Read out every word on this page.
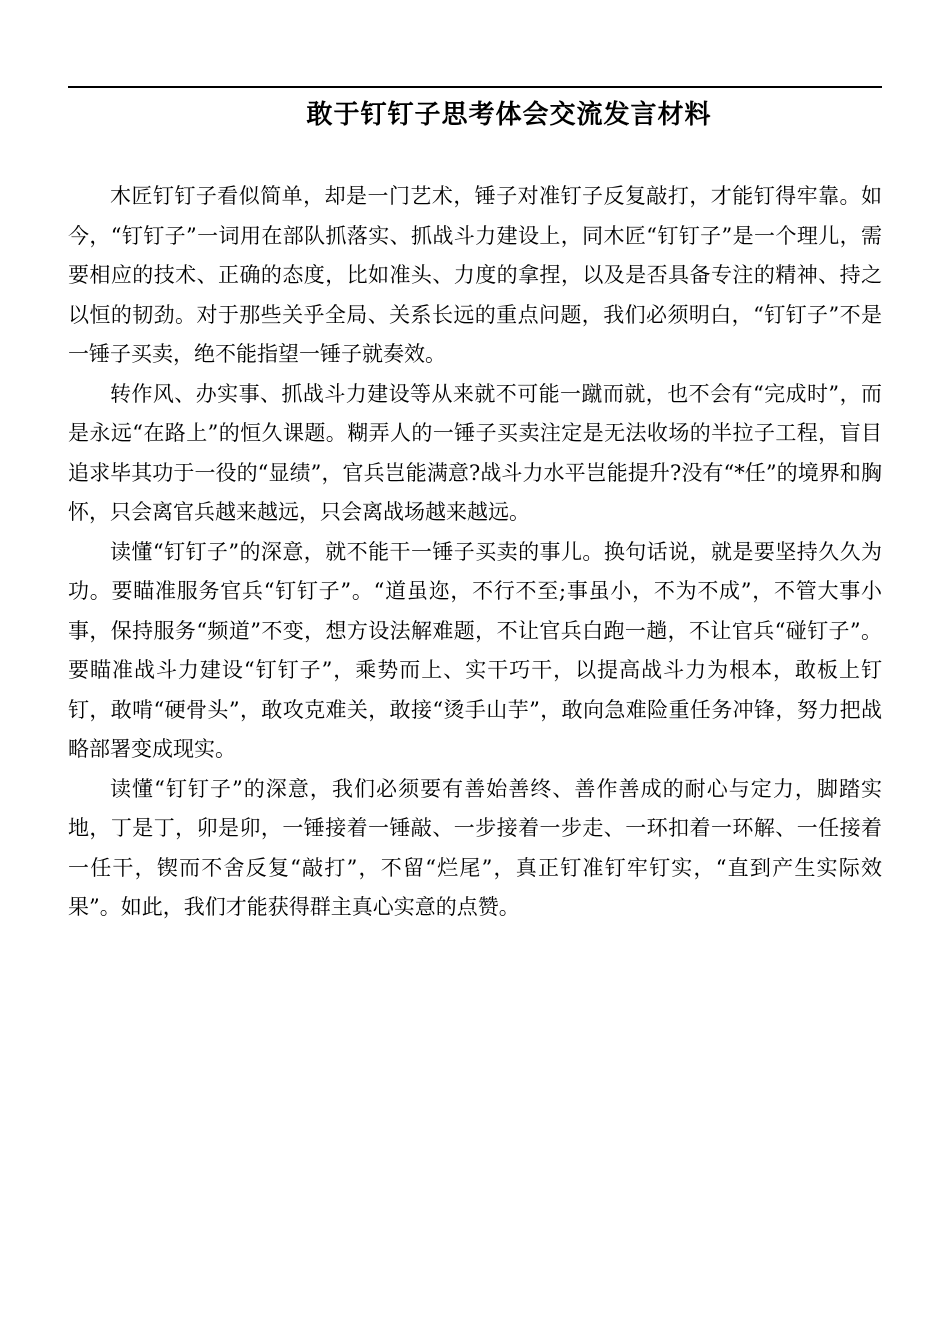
敢于钉钉子思考体会交流发言材料

木匠钉钉子看似简单，却是一门艺术，锤子对准钉子反复敲打，才能钉得牢靠。如今，“钉钉子”一词用在部队抓落实、抓战斗力建设上，同木匠“钉钉子”是一个理儿，需要相应的技术、正确的态度，比如准头、力度的拿捏，以及是否具备专注的精神、持之以恒的韧劲。对于那些关乎全局、关系长远的重点问题，我们必须明白，“钉钉子”不是一锤子买卖，绝不能指望一锤子就奏效。

转作风、办实事、抓战斗力建设等从来就不可能一蹴而就，也不会有“完成时”，而是永远“在路上”的恒久课题。糊弄人的一锤子买卖注定是无法收场的半拉子工程，盲目追求毕其功于一役的“显绩”，官兵岂能满意?战斗力水平岂能提升?没有“*任”的境界和胸怀，只会离官兵越来越远，只会离战场越来越远。

读懂“钉钉子”的深意，就不能干一锤子买卖的事儿。换句话说，就是要坚持久久为功。要瞄准服务官兵“钉钉子”。“道虽迩，不行不至;事虽小，不为不成”，不管大事小事，保持服务“频道”不变，想方设法解难题，不让官兵白跑一趟，不让官兵“碰钉子”。要瞄准战斗力建设“钉钉子”，乘势而上、实干巧干，以提高战斗力为根本，敢板上钉钉，敢啃“硬骨头”，敢攻克难关，敢接“烫手山芋”，敢向急难险重任务冲锋，努力把战略部署变成现实。

读懂“钉钉子”的深意，我们必须要有善始善终、善作善成的耐心与定力，脚踏实地，丁是丁，卯是卯，一锤接着一锤敲、一步接着一步走、一环扣着一环解、一任接着一任干，锲而不舍反复“敲打”，不留“烂尾”，真正钉准钉牢钉实，“直到产生实际效果”。如此，我们才能获得群主真心实意的点赞。
